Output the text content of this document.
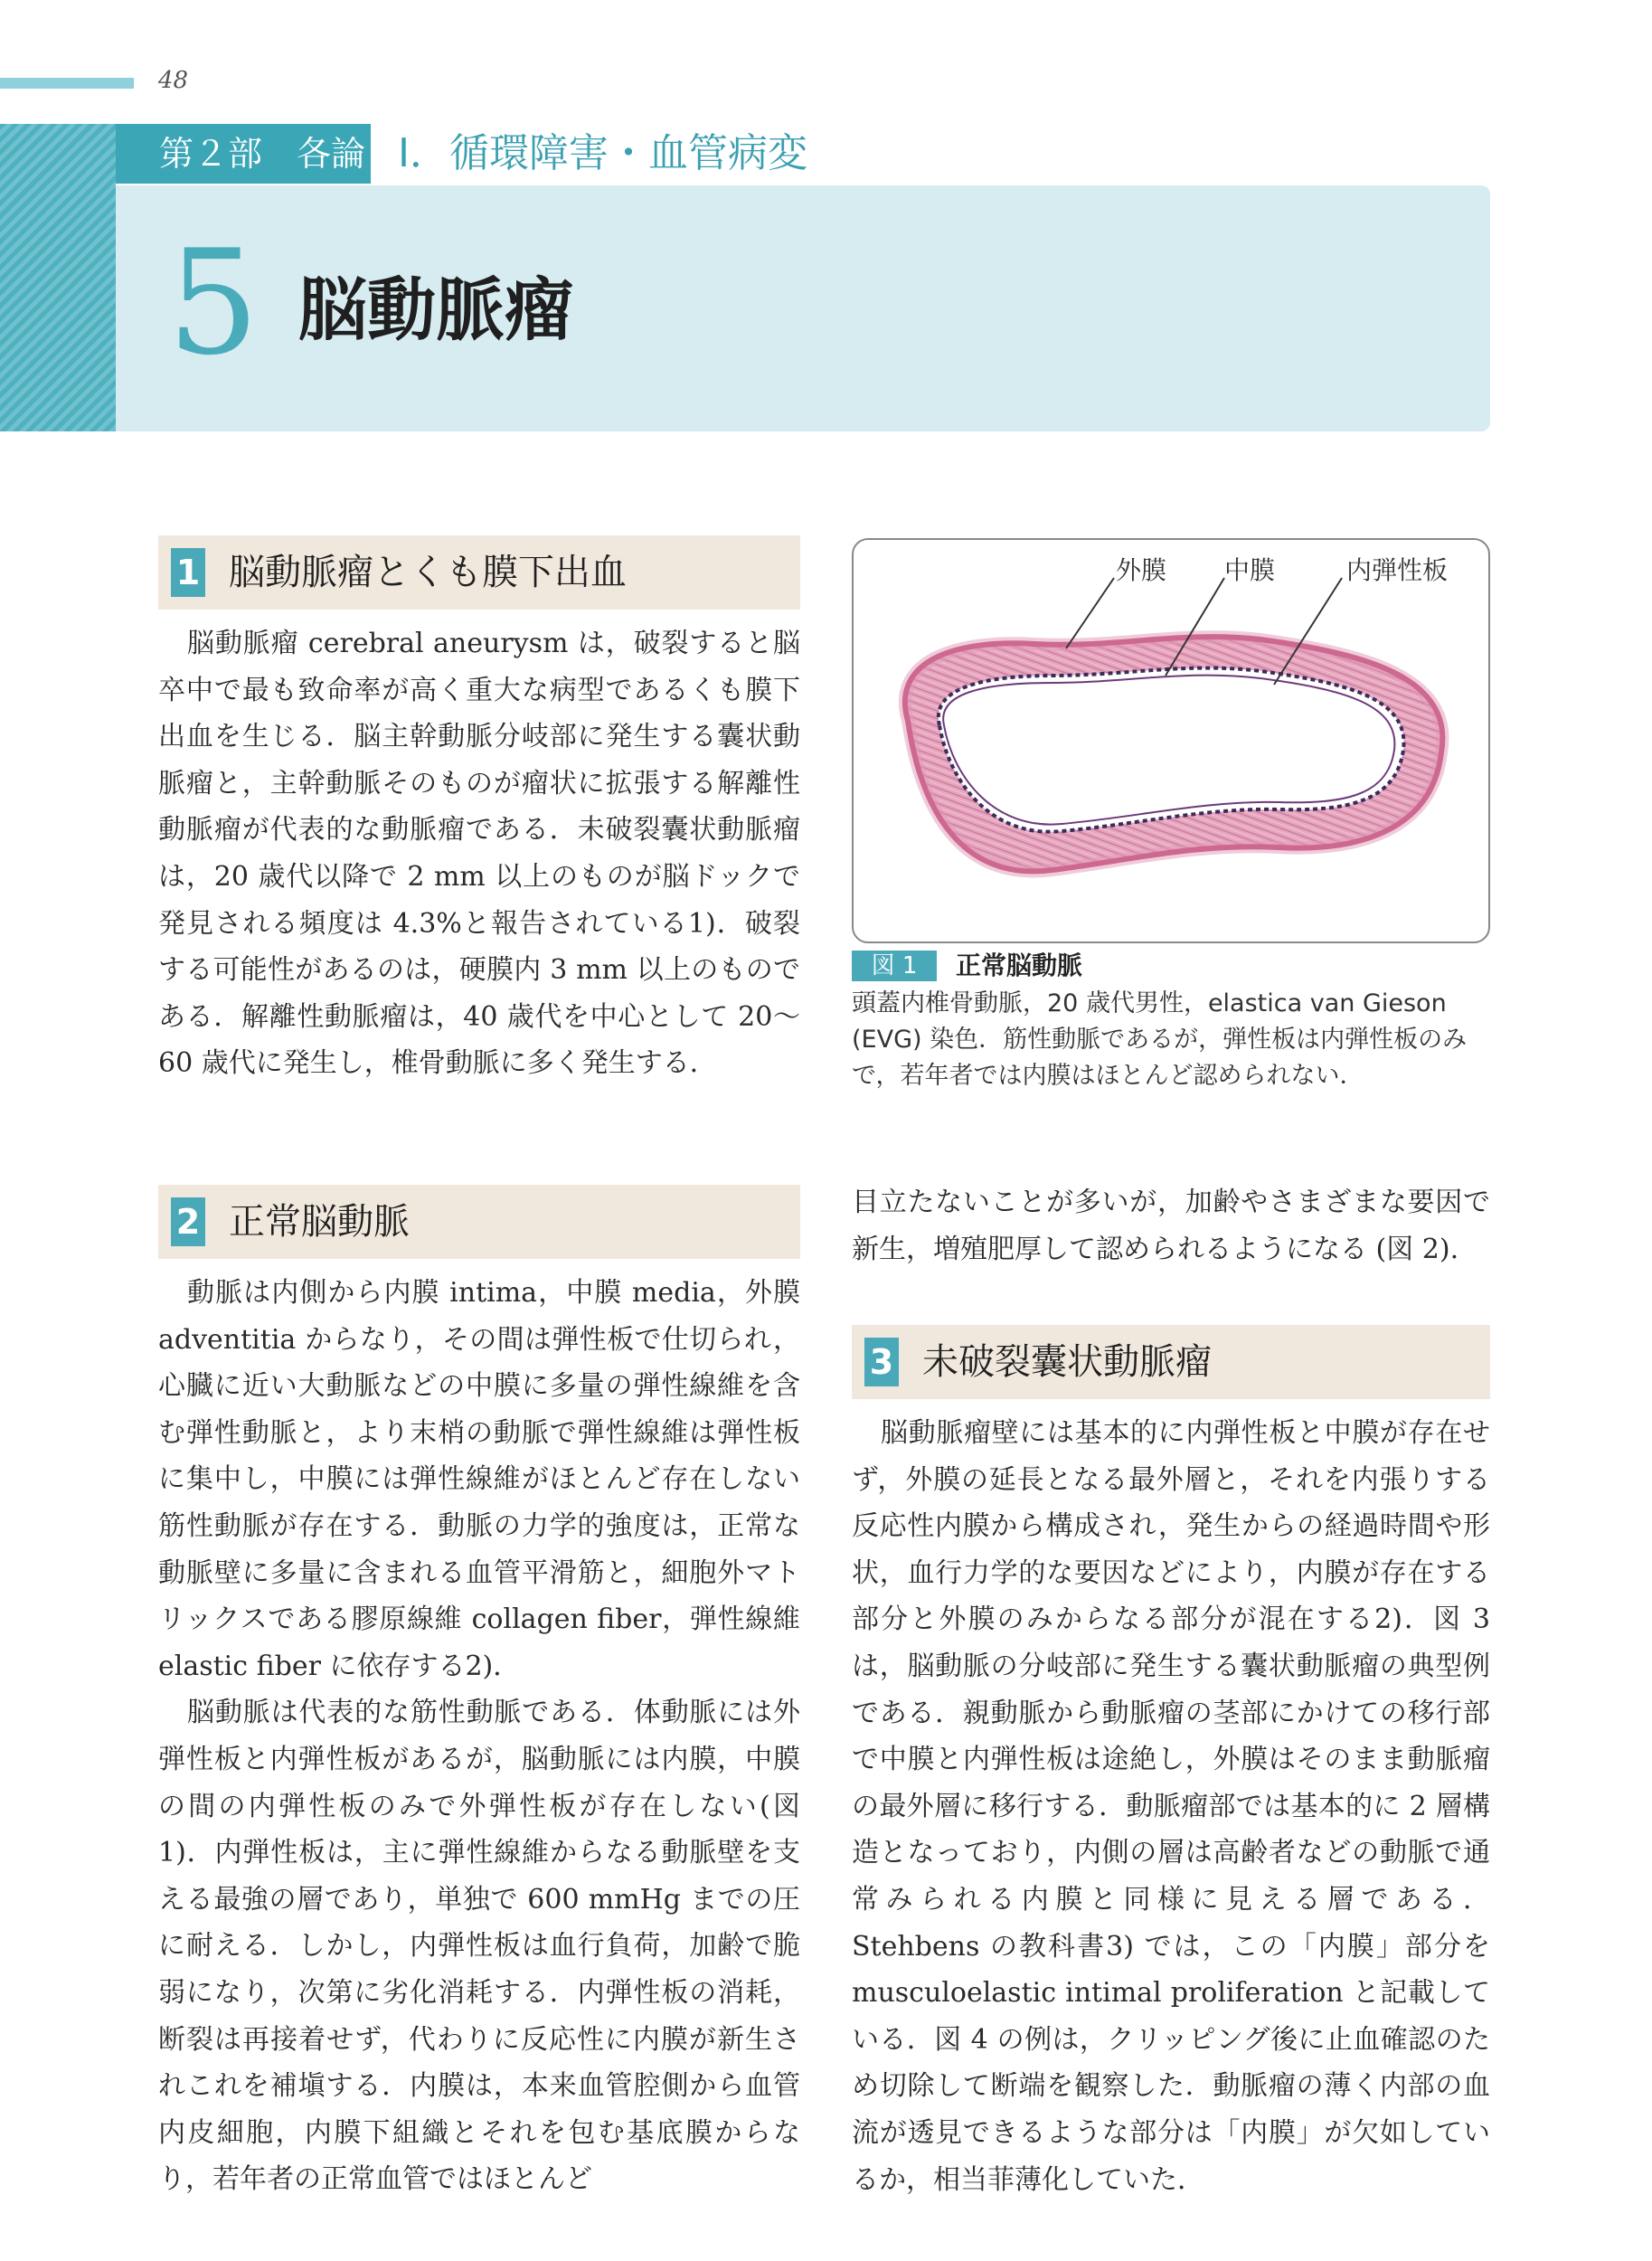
48
第２部　各論 Ⅰ．循環障害・血管病変
5 脳動脈瘤
1 脳動脈瘤とくも膜下出血

脳動脈瘤 cerebral aneurysm は，破裂すると脳卒中で最も致命率が高く重大な病型であるくも膜下出血を生じる．脳主幹動脈分岐部に発生する囊状動脈瘤と，主幹動脈そのものが瘤状に拡張する解離性動脈瘤が代表的な動脈瘤である．未破裂囊状動脈瘤は，20 歳代以降で 2 mm 以上のものが脳ドックで発見される頻度は 4.3%と報告されている1)．破裂する可能性があるのは，硬膜内 3 mm 以上のものである．解離性動脈瘤は，40 歳代を中心として 20〜60 歳代に発生し，椎骨動脈に多く発生する．

外膜 中膜	内弾性板
図 1	正常脳動脈

頭蓋内椎骨動脈，20 歳代男性，elastica van Gieson (EVG) 染色．筋性動脈であるが，弾性板は内弾性板のみで，若年者では内膜はほとんど認められない．

2 正常脳動脈

動脈は内側から内膜 intima，中膜 media，外膜 adventitia からなり，その間は弾性板で仕切られ，心臓に近い大動脈などの中膜に多量の弾性線維を含む弾性動脈と，より末梢の動脈で弾性線維は弾性板に集中し，中膜には弾性線維がほとんど存在しない筋性動脈が存在する．動脈の力学的強度は，正常な動脈壁に多量に含まれる血管平滑筋と，細胞外マトリックスである膠原線維 collagen fiber，弾性線維 elastic fiber に依存する2)．

脳動脈は代表的な筋性動脈である．体動脈には外弾性板と内弾性板があるが，脳動脈には内膜，中膜の間の内弾性板のみで外弾性板が存在しない(図 1)．内弾性板は，主に弾性線維からなる動脈壁を支える最強の層であり，単独で 600 mmHg までの圧に耐える．しかし，内弾性板は血行負荷，加齢で脆弱になり，次第に劣化消耗する．内弾性板の消耗，断裂は再接着せず，代わりに反応性に内膜が新生されこれを補塡する．内膜は，本来血管腔側から血管内皮細胞，内膜下組織とそれを包む基底膜からなり，若年者の正常血管ではほとんど

目立たないことが多いが，加齢やさまざまな要因で新生，増殖肥厚して認められるようになる (図 2).

3 未破裂囊状動脈瘤

脳動脈瘤壁には基本的に内弾性板と中膜が存在せず，外膜の延長となる最外層と，それを内張りする反応性内膜から構成され，発生からの経過時間や形状，血行力学的な要因などにより，内膜が存在する部分と外膜のみからなる部分が混在する2)．図 3 は，脳動脈の分岐部に発生する囊状動脈瘤の典型例である．親動脈から動脈瘤の茎部にかけての移行部で中膜と内弾性板は途絶し，外膜はそのまま動脈瘤の最外層に移行する．動脈瘤部では基本的に 2 層構造となっており，内側の層は高齢者などの動脈で通常みられる内膜と同様に見える層である．Stehbens の教科書3) では，この「内膜」部分を musculoelastic intimal proliferation と記載している．図 4 の例は，クリッピング後に止血確認のため切除して断端を観察した．動脈瘤の薄く内部の血流が透見できるような部分は「内膜」が欠如しているか，相当菲薄化していた．
